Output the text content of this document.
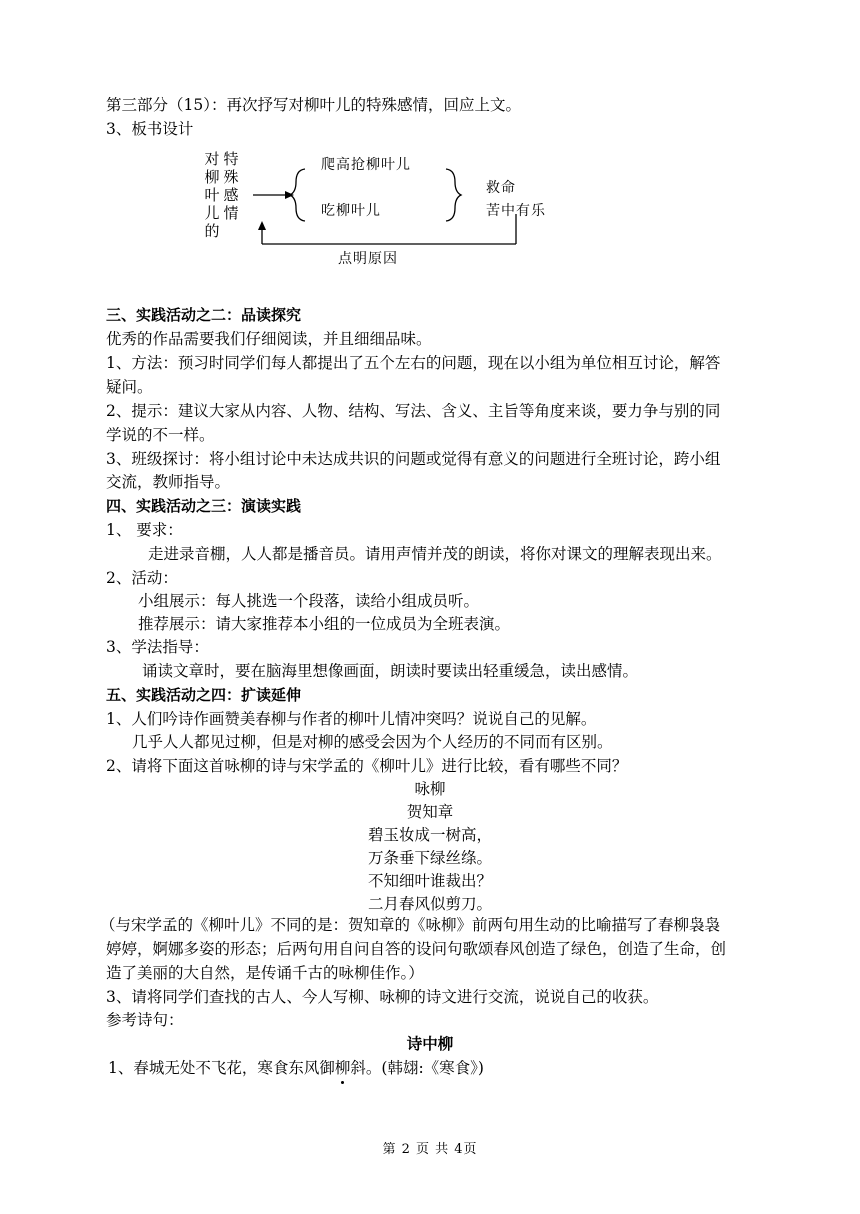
第三部分（15）：再次抒写对柳叶儿的特殊感情，回应上文。
3、板书设计
对柳叶儿的
特殊感情
爬高抢柳叶儿
吃柳叶儿
救命
苦中有乐
点明原因
三、实践活动之二：品读探究
优秀的作品需要我们仔细阅读，并且细细品味。
1、方法：预习时同学们每人都提出了五个左右的问题，现在以小组为单位相互讨论，解答
疑问。
2、提示：建议大家从内容、人物、结构、写法、含义、主旨等角度来谈，要力争与别的同
学说的不一样。
3、班级探讨：将小组讨论中未达成共识的问题或觉得有意义的问题进行全班讨论，跨小组
交流，教师指导。
四、实践活动之三：演读实践
1、 要求：
走进录音棚，人人都是播音员。请用声情并茂的朗读，将你对课文的理解表现出来。
2、活动：
小组展示：每人挑选一个段落，读给小组成员听。
推荐展示：请大家推荐本小组的一位成员为全班表演。
3、学法指导：
诵读文章时，要在脑海里想像画面，朗读时要读出轻重缓急，读出感情。
五、实践活动之四：扩读延伸
1、人们吟诗作画赞美春柳与作者的柳叶儿情冲突吗？说说自己的见解。
几乎人人都见过柳，但是对柳的感受会因为个人经历的不同而有区别。
2、请将下面这首咏柳的诗与宋学孟的《柳叶儿》进行比较，看有哪些不同？
咏柳
贺知章
碧玉妆成一树高，
万条垂下绿丝绦。
不知细叶谁裁出？
二月春风似剪刀。
（与宋学孟的《柳叶儿》不同的是：贺知章的《咏柳》前两句用生动的比喻描写了春柳袅袅
婷婷，婀娜多姿的形态；后两句用自问自答的设问句歌颂春风创造了绿色，创造了生命，创
造了美丽的大自然，是传诵千古的咏柳佳作。）
3、请将同学们查找的古人、今人写柳、咏柳的诗文进行交流，说说自己的收获。
参考诗句：
诗中柳
1、春城无处不飞花，寒食东风御柳斜。(韩翃:《寒食》)
第 2 页 共 4页
